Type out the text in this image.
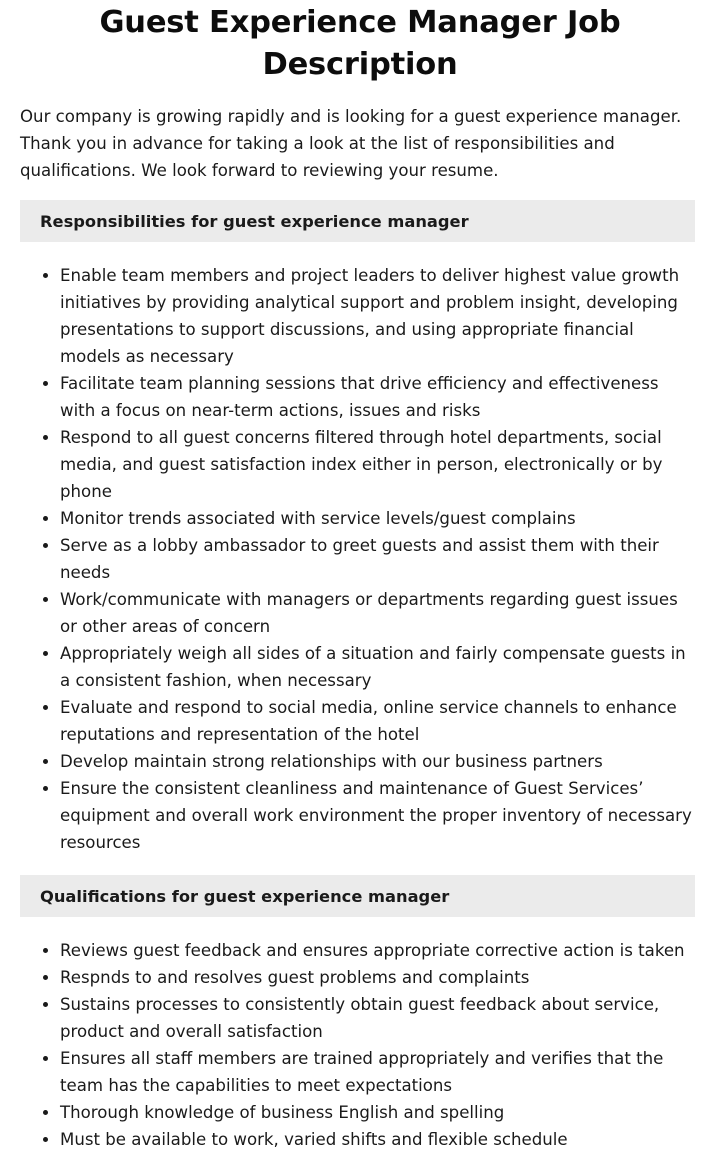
Guest Experience Manager Job Description

Our company is growing rapidly and is looking for a guest experience manager. Thank you in advance for taking a look at the list of responsibilities and qualifications. We look forward to reviewing your resume.

Responsibilities for guest experience manager
• Enable team members and project leaders to deliver highest value growth initiatives by providing analytical support and problem insight, developing presentations to support discussions, and using appropriate financial models as necessary
• Facilitate team planning sessions that drive efficiency and effectiveness with a focus on near-term actions, issues and risks
• Respond to all guest concerns filtered through hotel departments, social media, and guest satisfaction index either in person, electronically or by phone
• Monitor trends associated with service levels/guest complains
• Serve as a lobby ambassador to greet guests and assist them with their needs
• Work/communicate with managers or departments regarding guest issues or other areas of concern
• Appropriately weigh all sides of a situation and fairly compensate guests in a consistent fashion, when necessary
• Evaluate and respond to social media, online service channels to enhance reputations and representation of the hotel
• Develop maintain strong relationships with our business partners
• Ensure the consistent cleanliness and maintenance of Guest Services’ equipment and overall work environment the proper inventory of necessary resources
Qualifications for guest experience manager
• Reviews guest feedback and ensures appropriate corrective action is taken
• Respnds to and resolves guest problems and complaints
• Sustains processes to consistently obtain guest feedback about service, product and overall satisfaction
• Ensures all staff members are trained appropriately and verifies that the team has the capabilities to meet expectations
• Thorough knowledge of business English and spelling
• Must be available to work, varied shifts and flexible schedule
